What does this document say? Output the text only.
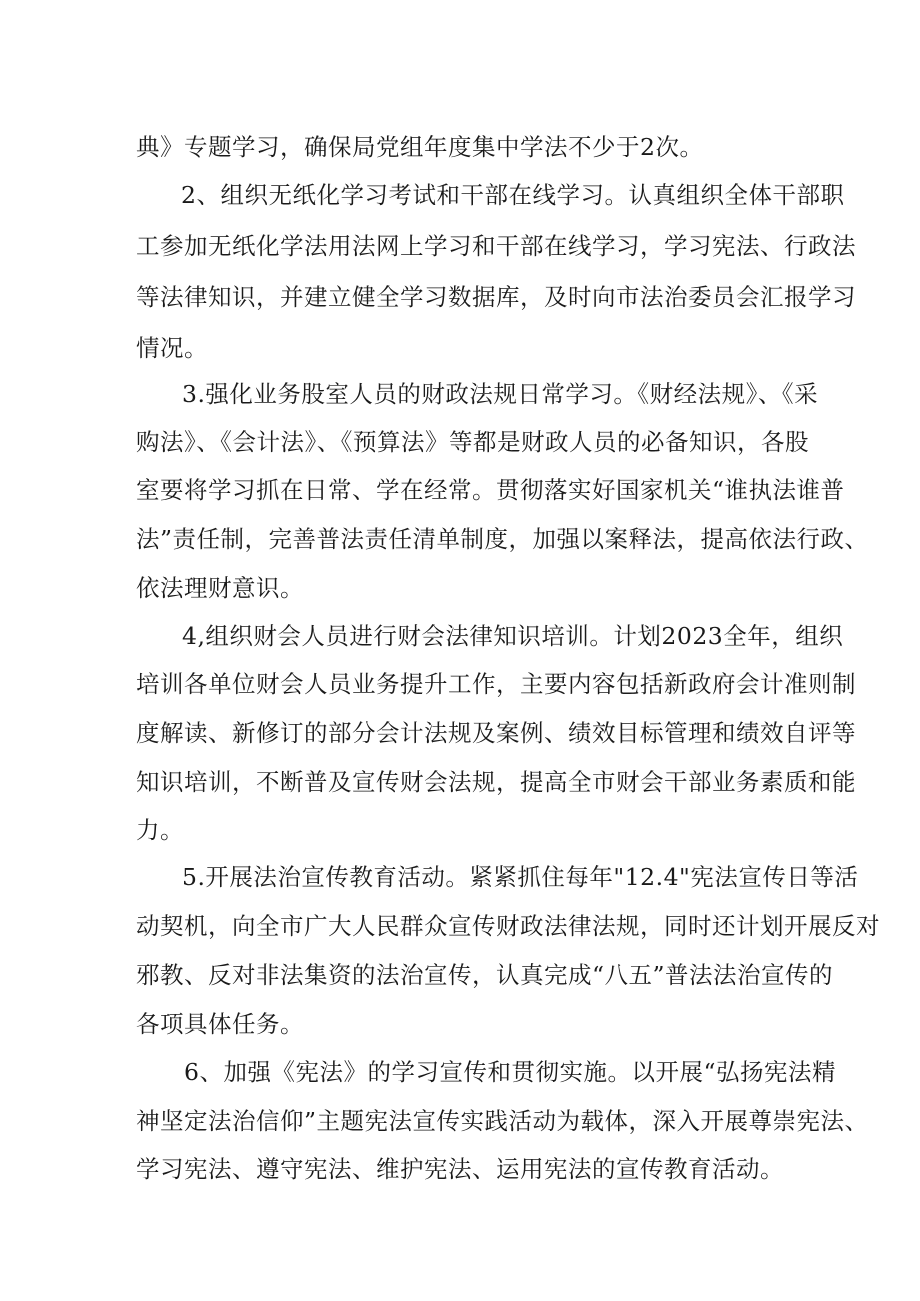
典》专题学习，确保局党组年度集中学法不少于2次。
2、组织无纸化学习考试和干部在线学习。认真组织全体干部职
工参加无纸化学法用法网上学习和干部在线学习，学习宪法、行政法
等法律知识，并建立健全学习数据库，及时向市法治委员会汇报学习
情况。
3.强化业务股室人员的财政法规日常学习。《财经法规》、《采
购法》、《会计法》、《预算法》等都是财政人员的必备知识，各股
室要将学习抓在日常、学在经常。贯彻落实好国家机关“谁执法谁普
法”责任制，完善普法责任清单制度，加强以案释法，提高依法行政、
依法理财意识。
4,组织财会人员进行财会法律知识培训。计划2023全年，组织
培训各单位财会人员业务提升工作，主要内容包括新政府会计准则制
度解读、新修订的部分会计法规及案例、绩效目标管理和绩效自评等
知识培训，不断普及宣传财会法规，提高全市财会干部业务素质和能
力。
5.开展法治宣传教育活动。紧紧抓住每年"12.4"宪法宣传日等活
动契机，向全市广大人民群众宣传财政法律法规，同时还计划开展反对
邪教、反对非法集资的法治宣传，认真完成“八五”普法法治宣传的
各项具体任务。
6、加强《宪法》的学习宣传和贯彻实施。以开展“弘扬宪法精
神坚定法治信仰”主题宪法宣传实践活动为载体，深入开展尊崇宪法、
学习宪法、遵守宪法、维护宪法、运用宪法的宣传教育活动。
